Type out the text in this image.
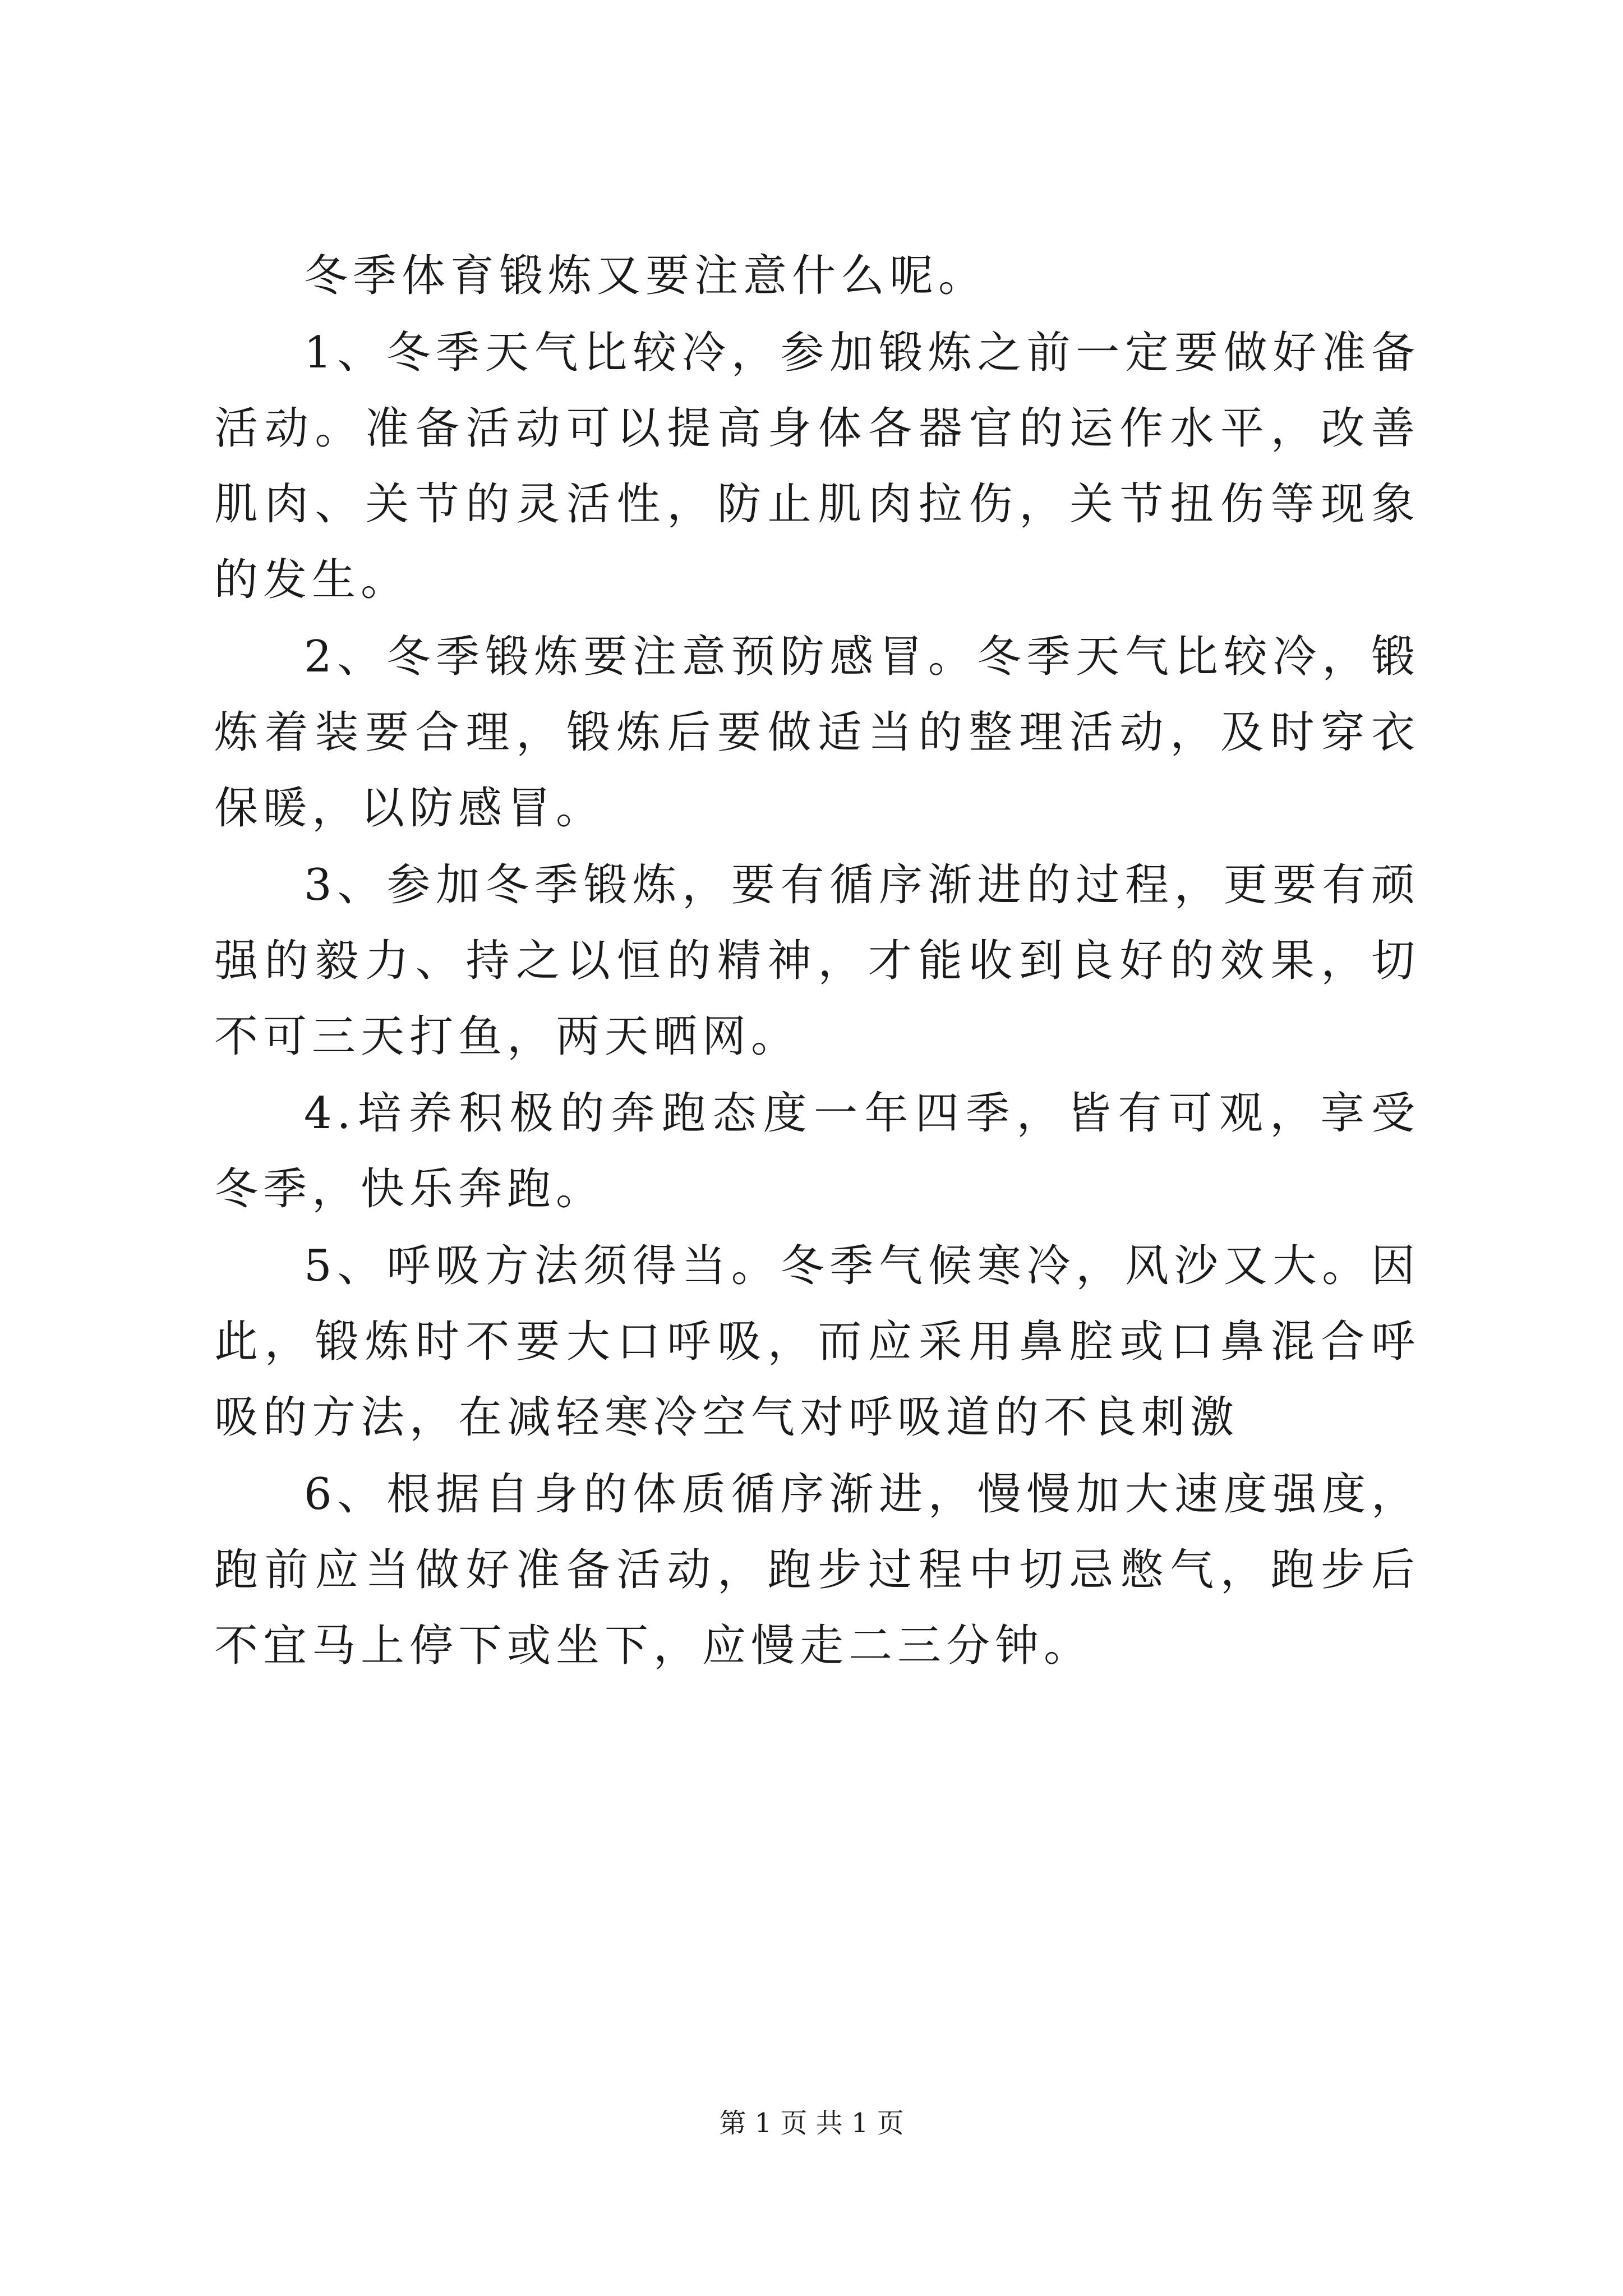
冬季体育锻炼又要注意什么呢。

1、冬季天气比较冷，参加锻炼之前一定要做好准备活动。准备活动可以提高身体各器官的运作水平，改善肌肉、关节的灵活性，防止肌肉拉伤，关节扭伤等现象的发生。

2、冬季锻炼要注意预防感冒。冬季天气比较冷，锻炼着装要合理，锻炼后要做适当的整理活动，及时穿衣保暖，以防感冒。

3、参加冬季锻炼，要有循序渐进的过程，更要有顽强的毅力、持之以恒的精神，才能收到良好的效果，切不可三天打鱼，两天晒网。

4.培养积极的奔跑态度一年四季，皆有可观，享受冬季，快乐奔跑。

5、呼吸方法须得当。冬季气候寒冷，风沙又大。因此，锻炼时不要大口呼吸，而应采用鼻腔或口鼻混合呼吸的方法，在减轻寒冷空气对呼吸道的不良刺激

6、根据自身的体质循序渐进，慢慢加大速度强度，跑前应当做好准备活动，跑步过程中切忌憋气，跑步后不宜马上停下或坐下，应慢走二三分钟。

第 1 页 共 1 页
